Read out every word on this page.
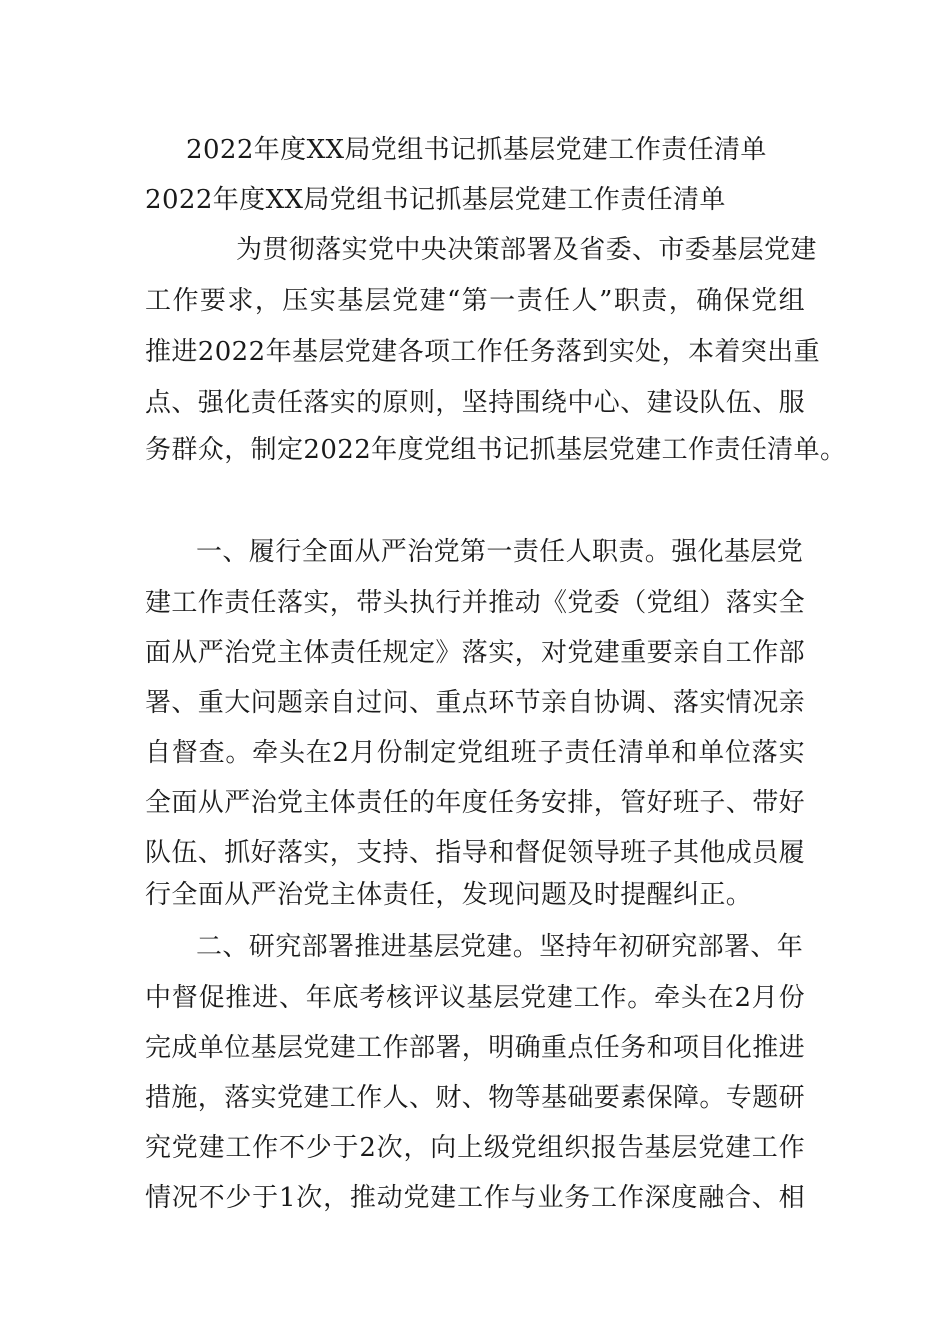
2022年度XX局党组书记抓基层党建工作责任清单
2022年度XX局党组书记抓基层党建工作责任清单
为贯彻落实党中央决策部署及省委、市委基层党建
工作要求，压实基层党建“第一责任人”职责，确保党组
推进2022年基层党建各项工作任务落到实处，本着突出重
点、强化责任落实的原则，坚持围绕中心、建设队伍、服
务群众，制定2022年度党组书记抓基层党建工作责任清单。
一、履行全面从严治党第一责任人职责。强化基层党
建工作责任落实，带头执行并推动《党委（党组）落实全
面从严治党主体责任规定》落实，对党建重要亲自工作部
署、重大问题亲自过问、重点环节亲自协调、落实情况亲
自督查。牵头在2月份制定党组班子责任清单和单位落实
全面从严治党主体责任的年度任务安排，管好班子、带好
队伍、抓好落实，支持、指导和督促领导班子其他成员履
行全面从严治党主体责任，发现问题及时提醒纠正。
二、研究部署推进基层党建。坚持年初研究部署、年
中督促推进、年底考核评议基层党建工作。牵头在2月份
完成单位基层党建工作部署，明确重点任务和项目化推进
措施，落实党建工作人、财、物等基础要素保障。专题研
究党建工作不少于2次，向上级党组织报告基层党建工作
情况不少于1次，推动党建工作与业务工作深度融合、相
